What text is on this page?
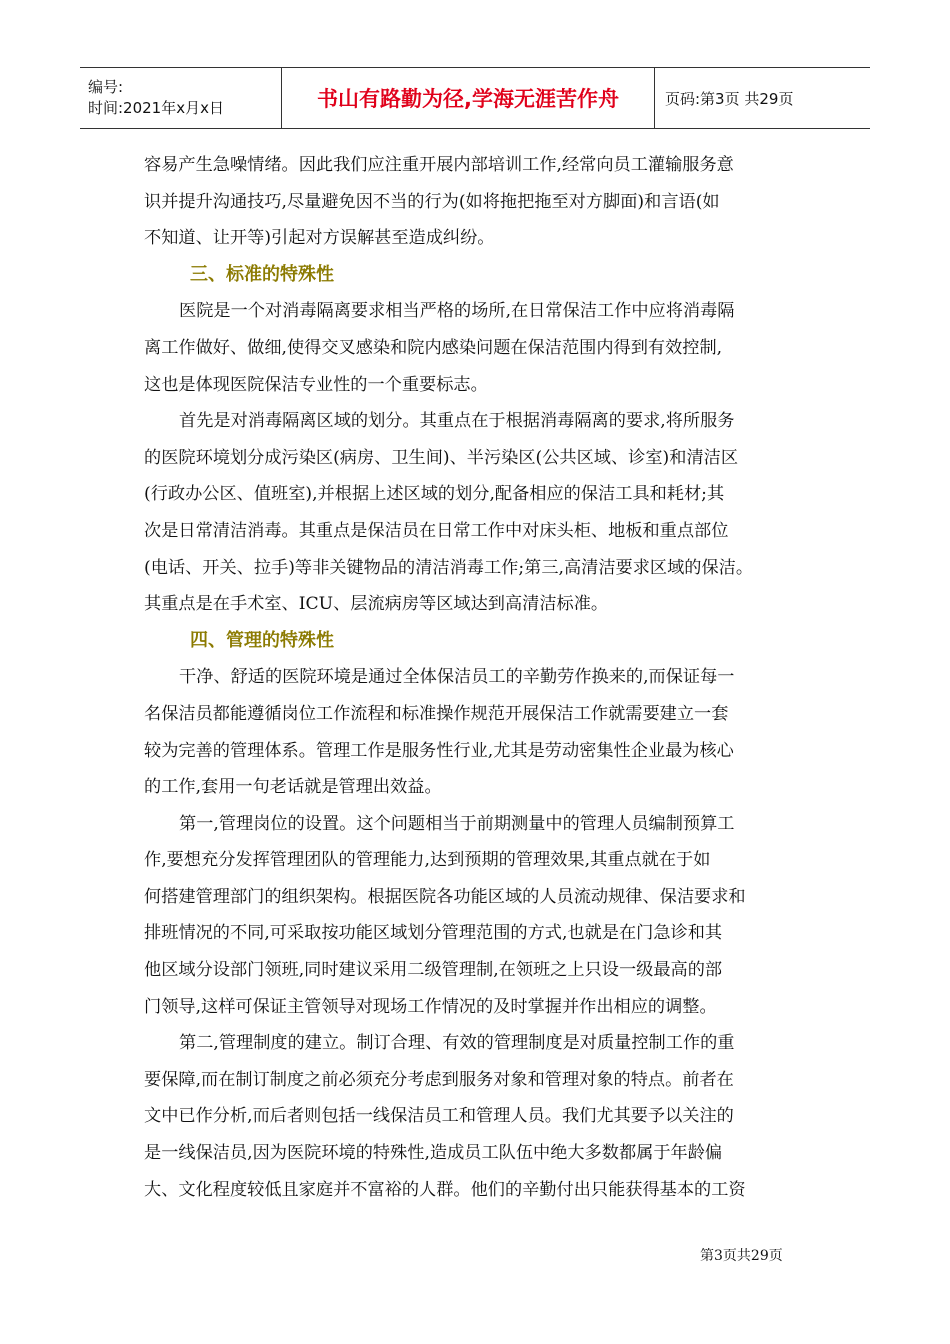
编号:
时间:2021年x月x日	书山有路勤为径,学海无涯苦作舟	页码:第3页 共29页
容易产生急噪情绪。因此我们应注重开展内部培训工作,经常向员工灌输服务意
识并提升沟通技巧,尽量避免因不当的行为(如将拖把拖至对方脚面)和言语(如
不知道、让开等)引起对方误解甚至造成纠纷。
三、标准的特殊性
医院是一个对消毒隔离要求相当严格的场所,在日常保洁工作中应将消毒隔
离工作做好、做细,使得交叉感染和院内感染问题在保洁范围内得到有效控制,
这也是体现医院保洁专业性的一个重要标志。
首先是对消毒隔离区域的划分。其重点在于根据消毒隔离的要求,将所服务
的医院环境划分成污染区(病房、卫生间)、半污染区(公共区域、诊室)和清洁区
(行政办公区、值班室),并根据上述区域的划分,配备相应的保洁工具和耗材;其
次是日常清洁消毒。其重点是保洁员在日常工作中对床头柜、地板和重点部位
(电话、开关、拉手)等非关键物品的清洁消毒工作;第三,高清洁要求区域的保洁。
其重点是在手术室、ICU、层流病房等区域达到高清洁标准。
四、管理的特殊性
干净、舒适的医院环境是通过全体保洁员工的辛勤劳作换来的,而保证每一
名保洁员都能遵循岗位工作流程和标准操作规范开展保洁工作就需要建立一套
较为完善的管理体系。管理工作是服务性行业,尤其是劳动密集性企业最为核心
的工作,套用一句老话就是管理出效益。
第一,管理岗位的设置。这个问题相当于前期测量中的管理人员编制预算工
作,要想充分发挥管理团队的管理能力,达到预期的管理效果,其重点就在于如
何搭建管理部门的组织架构。根据医院各功能区域的人员流动规律、保洁要求和
排班情况的不同,可采取按功能区域划分管理范围的方式,也就是在门急诊和其
他区域分设部门领班,同时建议采用二级管理制,在领班之上只设一级最高的部
门领导,这样可保证主管领导对现场工作情况的及时掌握并作出相应的调整。
第二,管理制度的建立。制订合理、有效的管理制度是对质量控制工作的重
要保障,而在制订制度之前必须充分考虑到服务对象和管理对象的特点。前者在
文中已作分析,而后者则包括一线保洁员工和管理人员。我们尤其要予以关注的
是一线保洁员,因为医院环境的特殊性,造成员工队伍中绝大多数都属于年龄偏
大、文化程度较低且家庭并不富裕的人群。他们的辛勤付出只能获得基本的工资
第3页共29页
